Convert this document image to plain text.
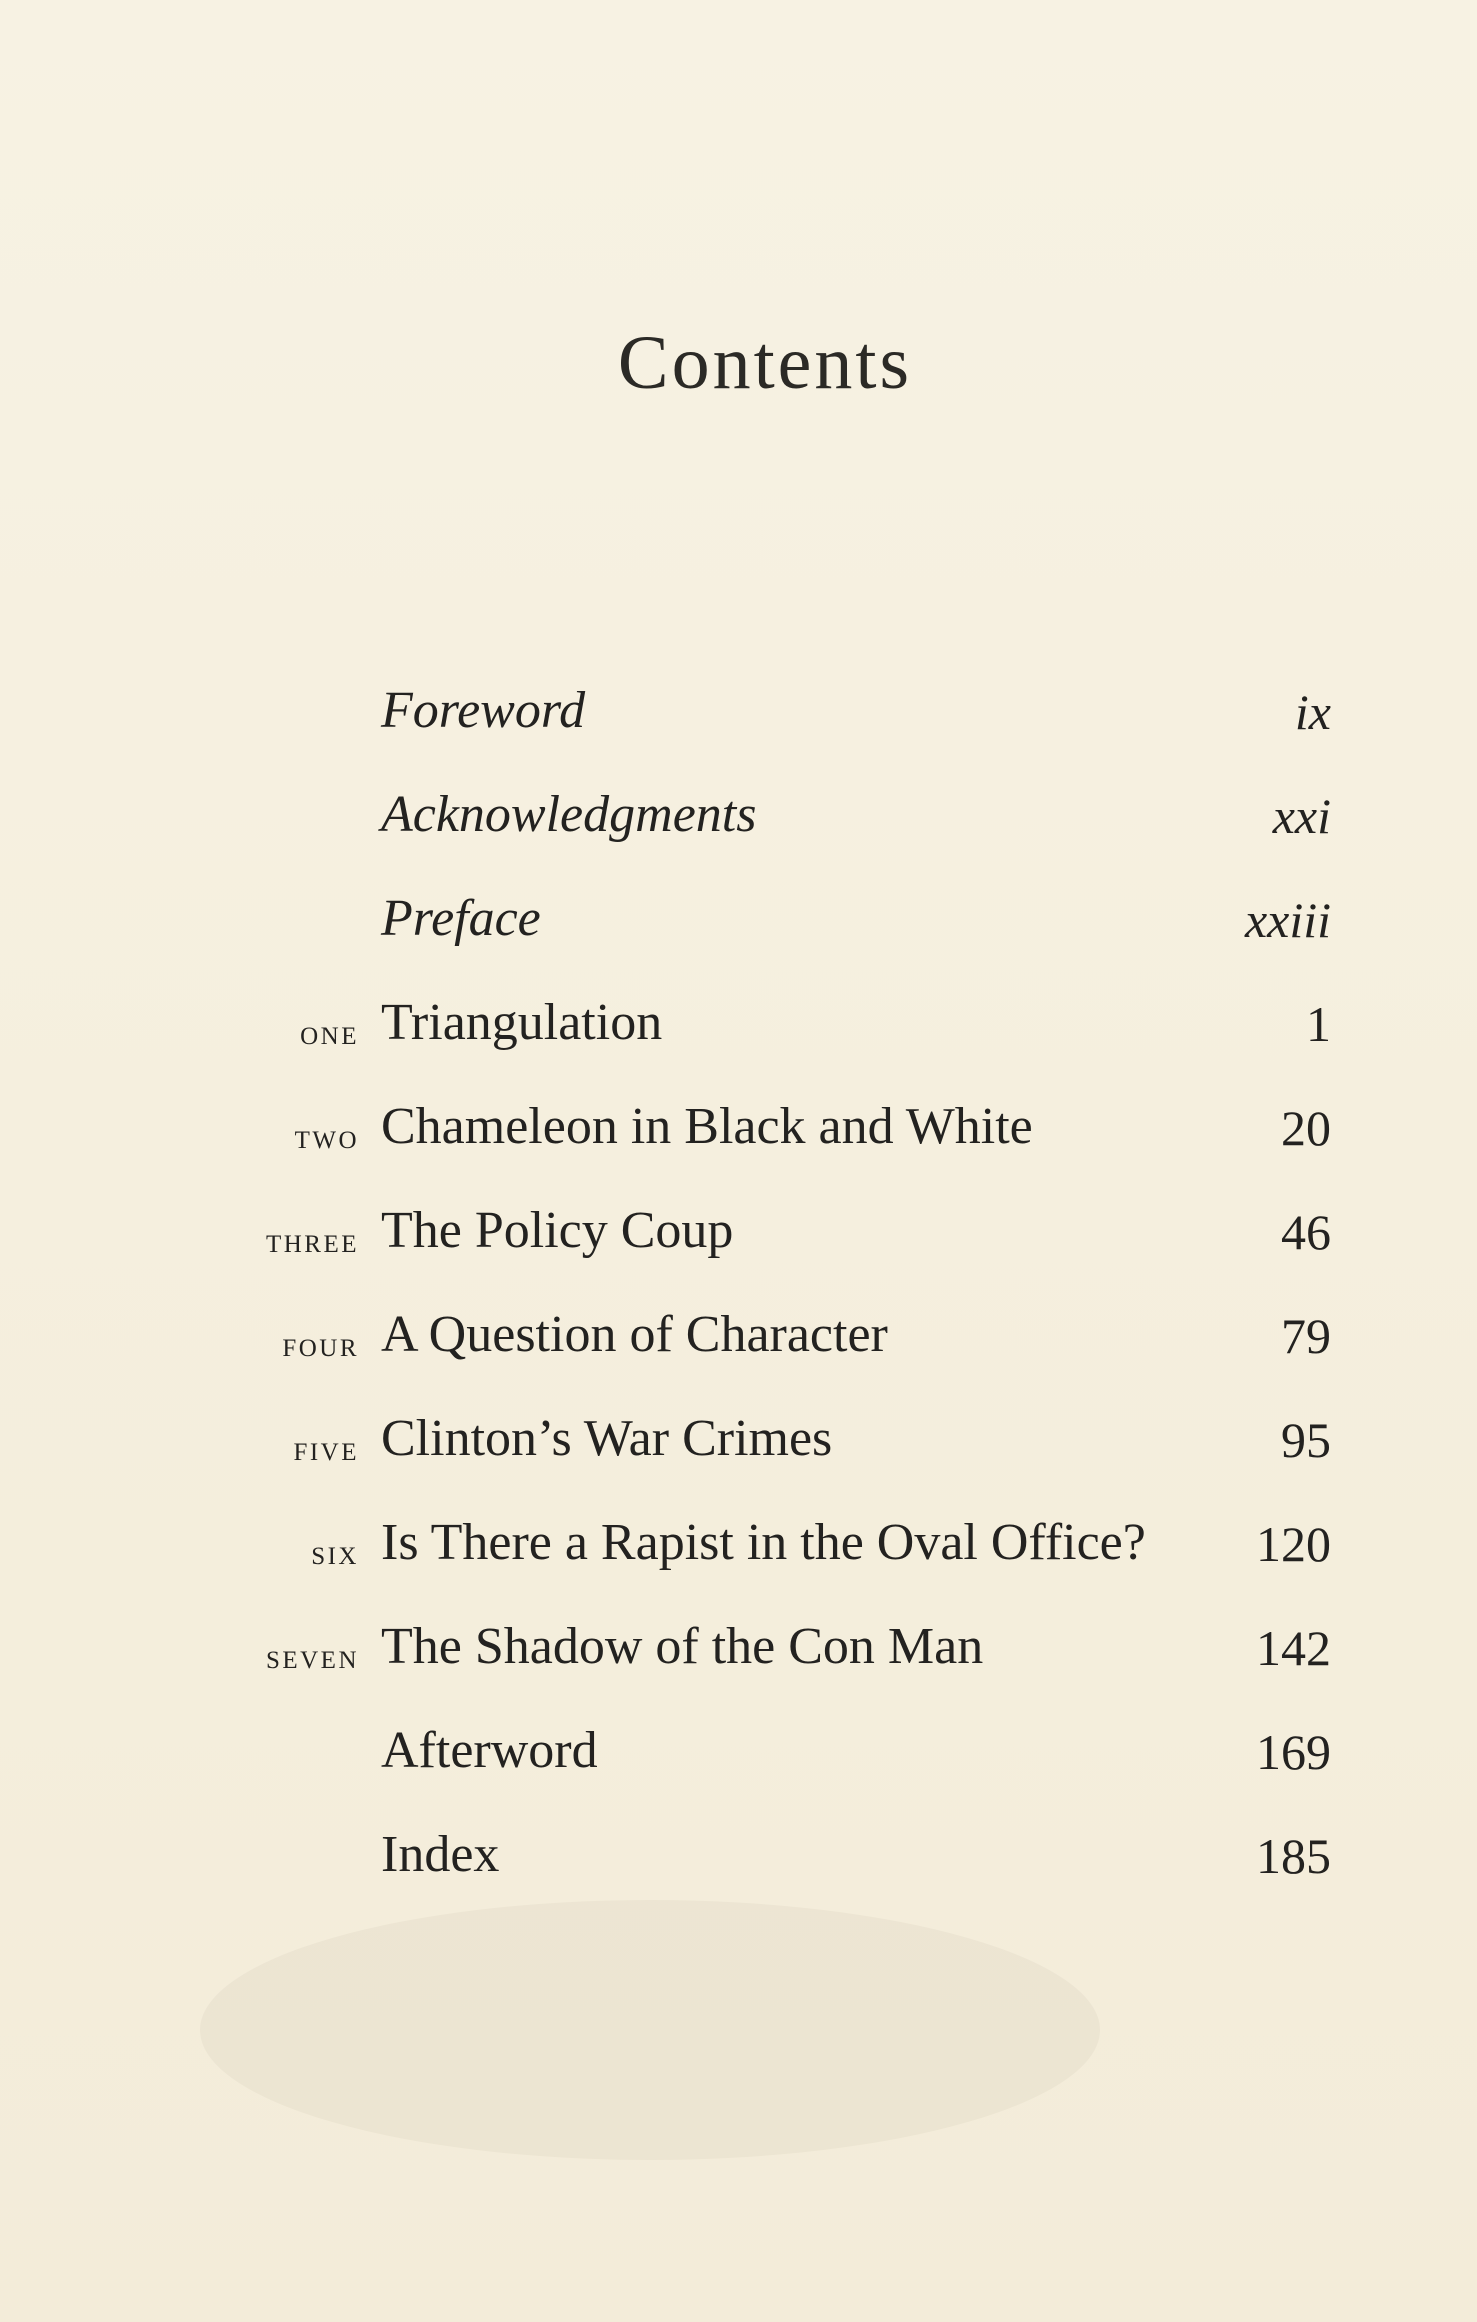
Contents
Foreword	ix
Acknowledgments	xxi
Preface	xxiii
one Triangulation	1
two Chameleon in Black and White	20
three The Policy Coup	46
four A Question of Character	79
five Clinton’s War Crimes	95
six Is There a Rapist in the Oval Office? 120
seven The Shadow of the Con Man	142
Afterword	169
Index	185
